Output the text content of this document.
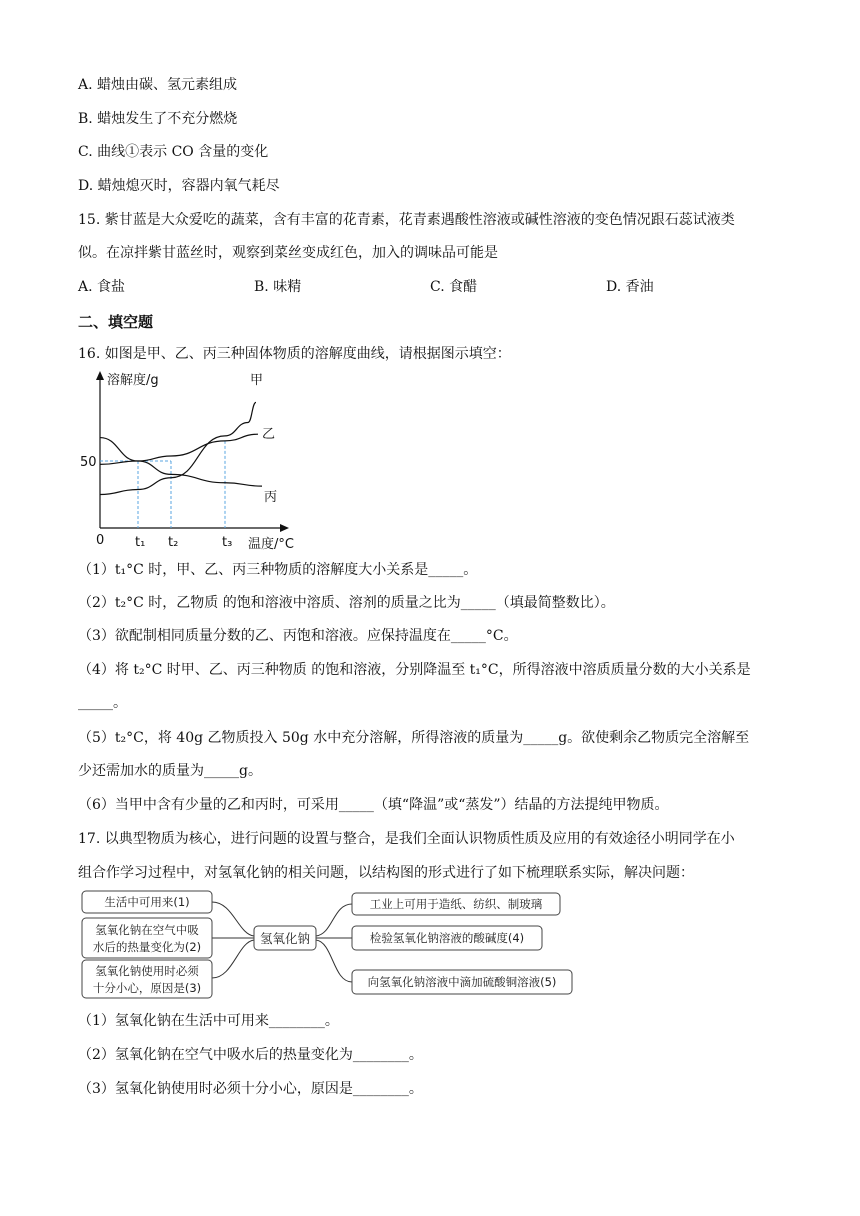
A. 蜡烛由碳、氢元素组成
B. 蜡烛发生了不充分燃烧
C. 曲线①表示 CO 含量的变化
D. 蜡烛熄灭时，容器内氧气耗尽
15. 紫甘蓝是大众爱吃的蔬菜，含有丰富的花青素，花青素遇酸性溶液或碱性溶液的变色情况跟石蕊试液类
似。在凉拌紫甘蓝丝时，观察到菜丝变成红色，加入的调味品可能是
A. 食盐	B. 味精	C. 食醋	D. 香油
二、填空题
16. 如图是甲、乙、丙三种固体物质的溶解度曲线，请根据图示填空：
溶解度/g
温度/°C
0
50
t₁ t₂	t₃
甲
乙
丙
（1）t₁°C 时，甲、乙、丙三种物质的溶解度大小关系是_____。
（2）t₂°C 时，乙物质 的饱和溶液中溶质、溶剂的质量之比为_____（填最简整数比）。
（3）欲配制相同质量分数的乙、丙饱和溶液。应保持温度在_____°C。
（4）将 t₂°C 时甲、乙、丙三种物质 的饱和溶液，分别降温至 t₁°C，所得溶液中溶质质量分数的大小关系是
_____。
（5）t₂°C，将 40g 乙物质投入 50g 水中充分溶解，所得溶液的质量为_____g。欲使剩余乙物质完全溶解至
少还需加水的质量为_____g。
（6）当甲中含有少量的乙和丙时，可采用_____（填“降温”或“蒸发”）结晶的方法提纯甲物质。
17. 以典型物质为核心，进行问题的设置与整合，是我们全面认识物质性质及应用的有效途径小明同学在小
组合作学习过程中，对氢氧化钠的相关问题，以结构图的形式进行了如下梳理联系实际，解决问题：
生活中可用来(1)
氢氧化钠在空气中吸
水后的热量变化为(2)
氢氧化钠使用时必须
十分小心，原因是(3)
氢氧化钠
工业上可用于造纸、纺织、制玻璃
检验氢氧化钠溶液的酸碱度(4)
向氢氧化钠溶液中滴加硫酸铜溶液(5)
（1）氢氧化钠在生活中可用来________。
（2）氢氧化钠在空气中吸水后的热量变化为________。
（3）氢氧化钠使用时必须十分小心，原因是________。
